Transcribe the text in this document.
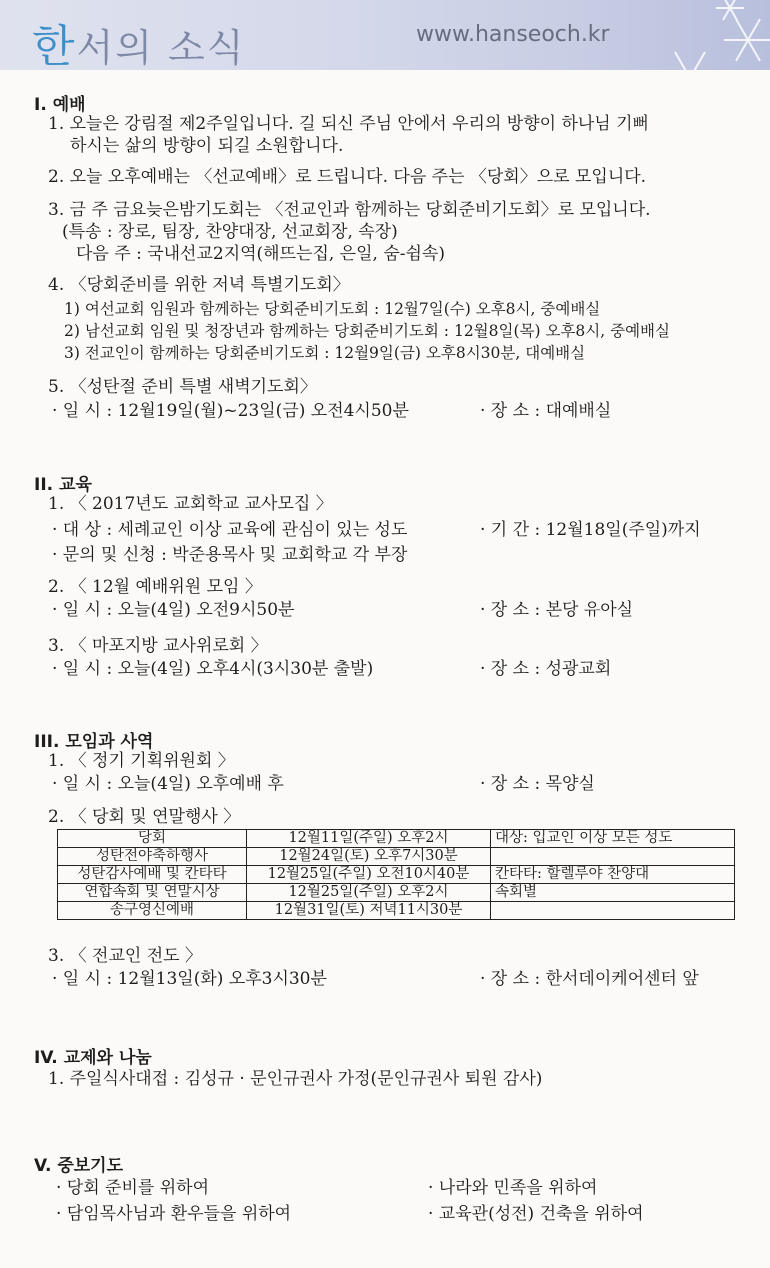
한서의 소식	www.hanseoch.kr
I. 예배
1. 오늘은 강림절 제2주일입니다. 길 되신 주님 안에서 우리의 방향이 하나님 기뻐
하시는 삶의 방향이 되길 소원합니다.
2. 오늘 오후예배는 〈선교예배〉로 드립니다. 다음 주는 〈당회〉으로 모입니다.
3. 금 주 금요늦은밤기도회는 〈전교인과 함께하는 당회준비기도회〉로 모입니다.
(특송 : 장로, 팀장, 찬양대장, 선교회장, 속장)
다음 주 : 국내선교2지역(해뜨는집, 은일, 숨-쉼속)
4. 〈당회준비를 위한 저녁 특별기도회〉
1) 여선교회 임원과 함께하는 당회준비기도회 : 12월7일(수) 오후8시, 중예배실
2) 남선교회 임원 및 청장년과 함께하는 당회준비기도회 : 12월8일(목) 오후8시, 중예배실
3) 전교인이 함께하는 당회준비기도회 : 12월9일(금) 오후8시30분, 대예배실
5. 〈성탄절 준비 특별 새벽기도회〉
· 일 시 : 12월19일(월)~23일(금) 오전4시50분	· 장 소 : 대예배실
II. 교육
1. 〈 2017년도 교회학교 교사모집 〉
· 대 상 : 세례교인 이상 교육에 관심이 있는 성도	· 기 간 : 12월18일(주일)까지
· 문의 및 신청 : 박준용목사 및 교회학교 각 부장
2. 〈 12월 예배위원 모임 〉
· 일 시 : 오늘(4일) 오전9시50분	· 장 소 : 본당 유아실
3. 〈 마포지방 교사위로회 〉
· 일 시 : 오늘(4일) 오후4시(3시30분 출발)	· 장 소 : 성광교회
III. 모임과 사역
1. 〈 정기 기획위원회 〉
· 일 시 : 오늘(4일) 오후예배 후	· 장 소 : 목양실
2. 〈 당회 및 연말행사 〉
당회	12월11일(주일) 오후2시	대상: 입교인 이상 모든 성도
성탄전야축하행사	12월24일(토) 오후7시30분	
성탄감사예배 및 칸타타	12월25일(주일) 오전10시40분	칸타타: 할렐루야 찬양대
연합속회 및 연말시상	12월25일(주일) 오후2시	속회별
송구영신예배	12월31일(토) 저녁11시30분	
3. 〈 전교인 전도 〉
· 일 시 : 12월13일(화) 오후3시30분	· 장 소 : 한서데이케어센터 앞
IV. 교제와 나눔
1. 주일식사대접 : 김성규 · 문인규권사 가정(문인규권사 퇴원 감사)
V. 중보기도
· 당회 준비를 위하여	· 나라와 민족을 위하여
· 담임목사님과 환우들을 위하여	· 교육관(성전) 건축을 위하여
